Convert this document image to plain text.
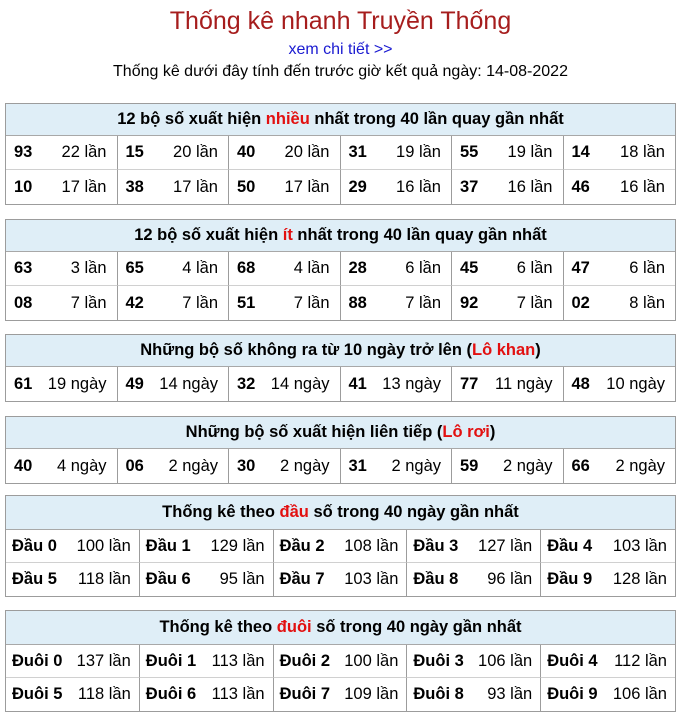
Thống kê nhanh Truyền Thống
xem chi tiết >>
Thống kê dưới đây tính đến trước giờ kết quả ngày: 14-08-2022
12 bộ số xuất hiện nhiều nhất trong 40 lần quay gần nhất
93 22 lần 15 20 lần 40 20 lần 31 19 lần 55 19 lần 14 18 lần
10 17 lần 38 17 lần 50 17 lần 29 16 lần 37 16 lần 46 16 lần
12 bộ số xuất hiện ít nhất trong 40 lần quay gần nhất
63 3 lần 65 4 lần 68 4 lần 28 6 lần 45 6 lần 47 6 lần
08 7 lần 42 7 lần 51 7 lần 88 7 lần 92 7 lần 02 8 lần
Những bộ số không ra từ 10 ngày trở lên (Lô khan)
61 19 ngày 49 14 ngày 32 14 ngày 41 13 ngày 77 11 ngày 48 10 ngày
Những bộ số xuất hiện liên tiếp (Lô rơi)
40 4 ngày 06 2 ngày 30 2 ngày 31 2 ngày 59 2 ngày 66 2 ngày
Thống kê theo đầu số trong 40 ngày gần nhất
Đầu 0 100 lần Đầu 1 129 lần Đầu 2 108 lần Đầu 3 127 lần Đầu 4 103 lần
Đầu 5 118 lần Đầu 6 95 lần Đầu 7 103 lần Đầu 8 96 lần Đầu 9 128 lần
Thống kê theo đuôi số trong 40 ngày gần nhất
Đuôi 0 137 lần Đuôi 1 113 lần Đuôi 2 100 lần Đuôi 3 106 lần Đuôi 4 112 lần
Đuôi 5 118 lần Đuôi 6 113 lần Đuôi 7 109 lần Đuôi 8 93 lần Đuôi 9 106 lần
